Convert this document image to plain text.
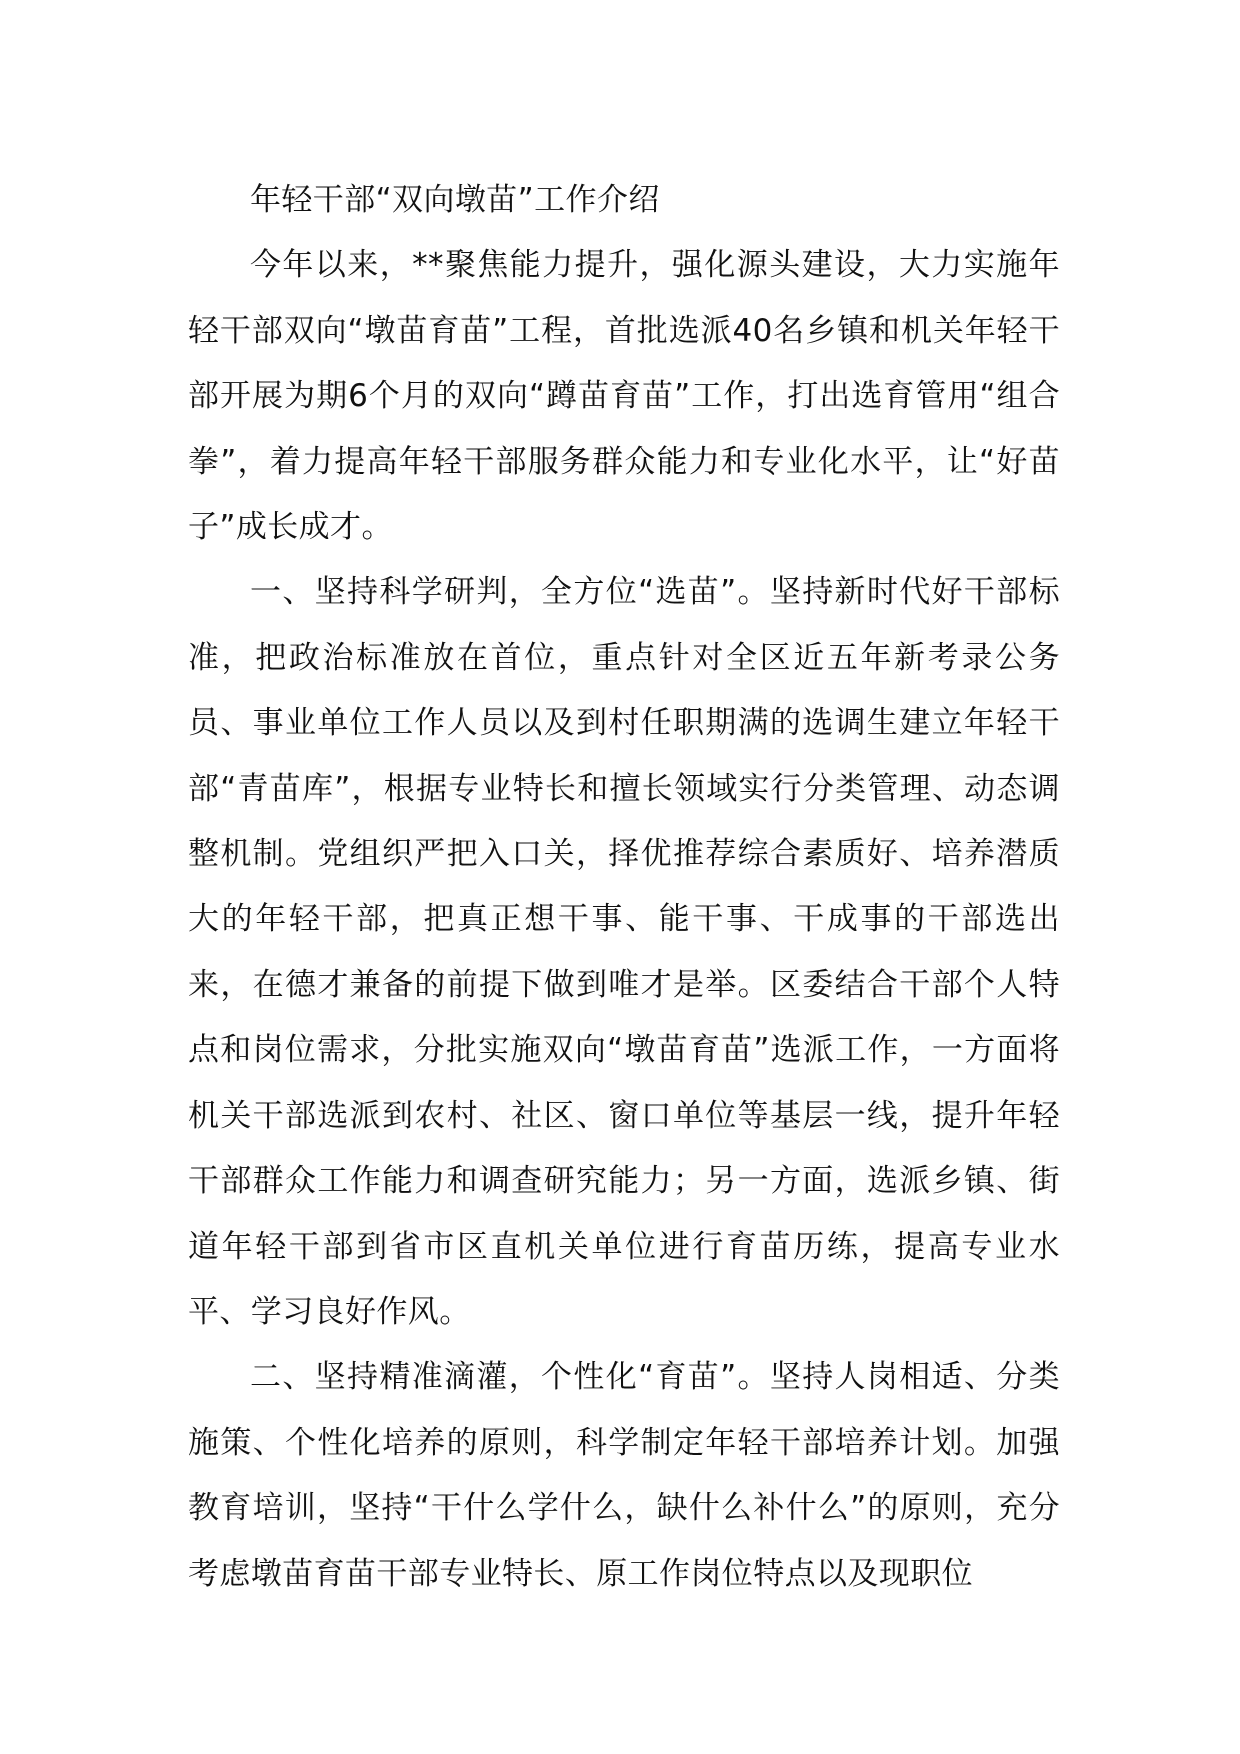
年轻干部“双向墩苗”工作介绍

今年以来，**聚焦能力提升，强化源头建设，大力实施年轻干部双向“墩苗育苗”工程，首批选派40名乡镇和机关年轻干部开展为期6个月的双向“蹲苗育苗”工作，打出选育管用“组合拳”，着力提高年轻干部服务群众能力和专业化水平，让“好苗子”成长成才。

一、坚持科学研判，全方位“选苗”。坚持新时代好干部标准，把政治标准放在首位，重点针对全区近五年新考录公务员、事业单位工作人员以及到村任职期满的选调生建立年轻干部“青苗库”，根据专业特长和擅长领域实行分类管理、动态调整机制。党组织严把入口关，择优推荐综合素质好、培养潜质大的年轻干部，把真正想干事、能干事、干成事的干部选出来，在德才兼备的前提下做到唯才是举。区委结合干部个人特点和岗位需求，分批实施双向“墩苗育苗”选派工作，一方面将机关干部选派到农村、社区、窗口单位等基层一线，提升年轻干部群众工作能力和调查研究能力；另一方面，选派乡镇、街道年轻干部到省市区直机关单位进行育苗历练，提高专业水平、学习良好作风。

二、坚持精准滴灌，个性化“育苗”。坚持人岗相适、分类施策、个性化培养的原则，科学制定年轻干部培养计划。加强教育培训，坚持“干什么学什么，缺什么补什么”的原则，充分考虑墩苗育苗干部专业特长、原工作岗位特点以及现职位
